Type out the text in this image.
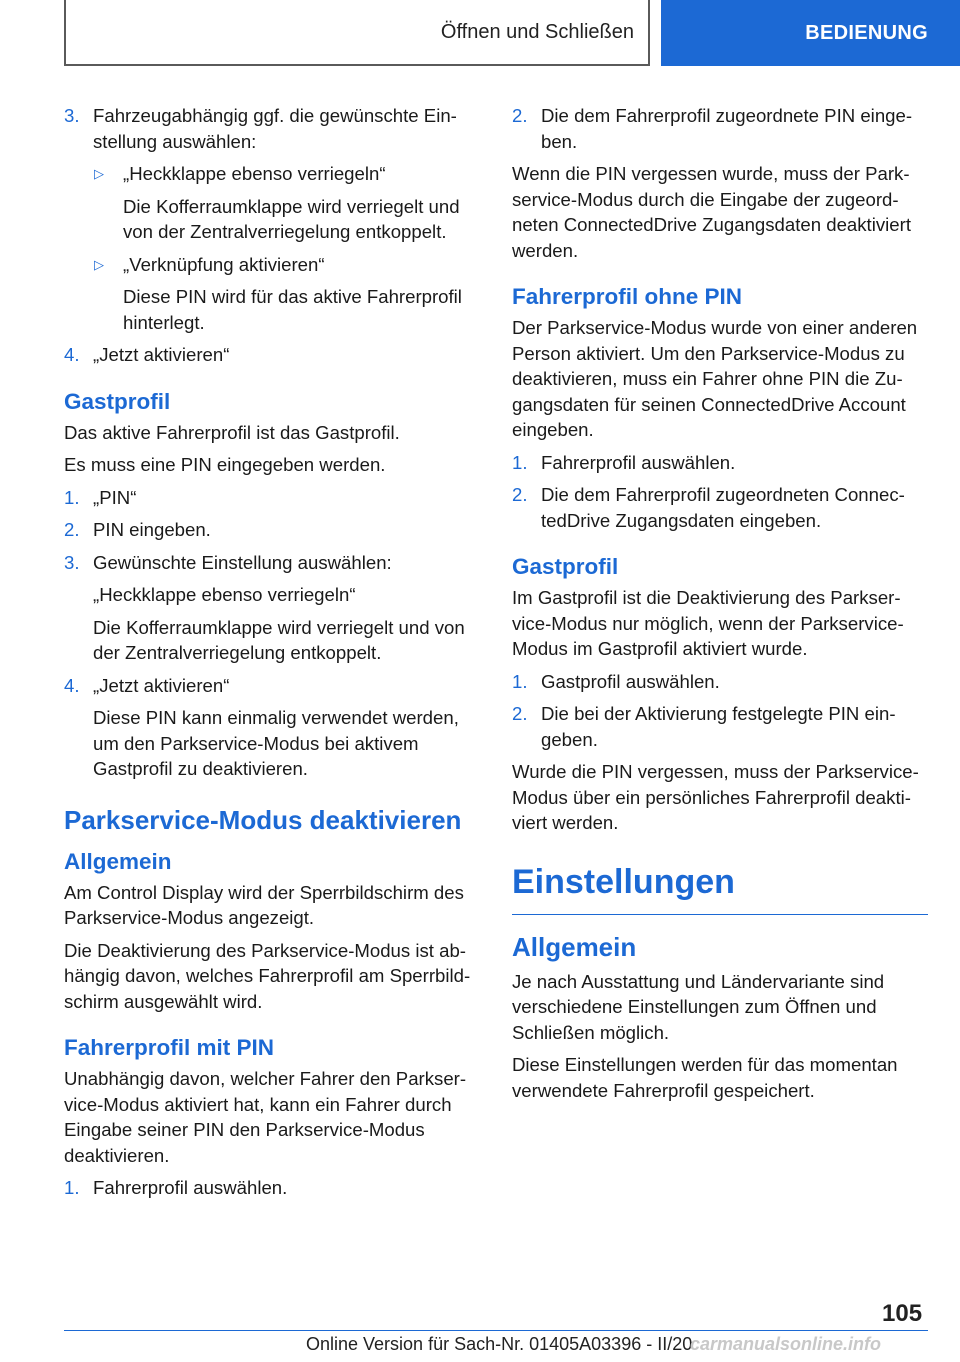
Öffnen und Schließen	BEDIENUNG
3. Fahrzeugabhängig ggf. die gewünschte Ein-stellung auswählen:
▷ „Heckklappe ebenso verriegeln“
Die Kofferraumklappe wird verriegelt und von der Zentralverriegelung entkoppelt.
▷ „Verknüpfung aktivieren“
Diese PIN wird für das aktive Fahrerprofil hinterlegt.
4. „Jetzt aktivieren“
Gastprofil
Das aktive Fahrerprofil ist das Gastprofil.
Es muss eine PIN eingegeben werden.
1. „PIN“
2. PIN eingeben.
3. Gewünschte Einstellung auswählen:
„Heckklappe ebenso verriegeln“
Die Kofferraumklappe wird verriegelt und von der Zentralverriegelung entkoppelt.
4. „Jetzt aktivieren“
Diese PIN kann einmalig verwendet werden, um den Parkservice-Modus bei aktivem Gastprofil zu deaktivieren.
Parkservice-Modus deaktivieren
Allgemein
Am Control Display wird der Sperrbildschirm des Parkservice-Modus angezeigt.
Die Deaktivierung des Parkservice-Modus ist ab-hängig davon, welches Fahrerprofil am Sperrbild-schirm ausgewählt wird.
Fahrerprofil mit PIN
Unabhängig davon, welcher Fahrer den Parkser-vice-Modus aktiviert hat, kann ein Fahrer durch Eingabe seiner PIN den Parkservice-Modus deaktivieren.
1. Fahrerprofil auswählen.
2. Die dem Fahrerprofil zugeordnete PIN einge-ben.
Wenn die PIN vergessen wurde, muss der Park-service-Modus durch die Eingabe der zugeord-neten ConnectedDrive Zugangsdaten deaktiviert werden.
Fahrerprofil ohne PIN
Der Parkservice-Modus wurde von einer anderen Person aktiviert. Um den Parkservice-Modus zu deaktivieren, muss ein Fahrer ohne PIN die Zu-gangsdaten für seinen ConnectedDrive Account eingeben.
1. Fahrerprofil auswählen.
2. Die dem Fahrerprofil zugeordneten Connec-tedDrive Zugangsdaten eingeben.
Gastprofil
Im Gastprofil ist die Deaktivierung des Parkser-vice-Modus nur möglich, wenn der Parkservice-Modus im Gastprofil aktiviert wurde.
1. Gastprofil auswählen.
2. Die bei der Aktivierung festgelegte PIN ein-geben.
Wurde die PIN vergessen, muss der Parkservice-Modus über ein persönliches Fahrerprofil deakti-viert werden.
Einstellungen
Allgemein
Je nach Ausstattung und Ländervariante sind verschiedene Einstellungen zum Öffnen und Schließen möglich.
Diese Einstellungen werden für das momentan verwendete Fahrerprofil gespeichert.
105
Online Version für Sach-Nr. 01405A03396 - II/20
carmanualsonline.info
